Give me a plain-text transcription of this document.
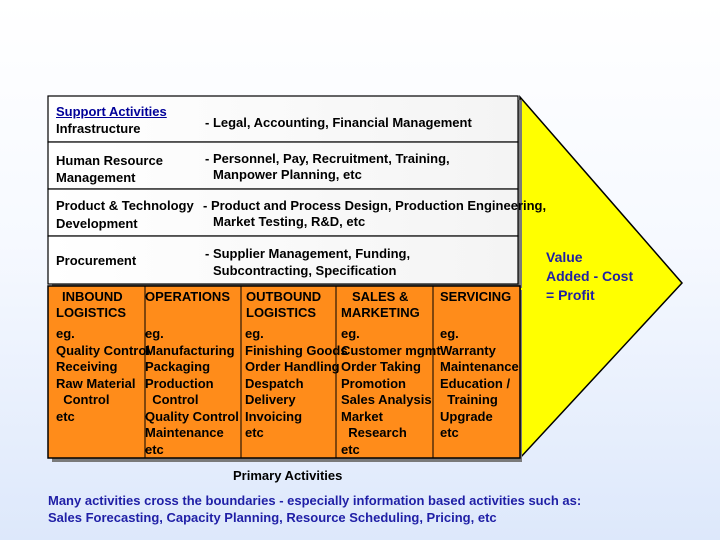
Support Activities
Infrastructure	- Legal, Accounting, Financial Management
Human Resource
Management
- Personnel, Pay, Recruitment, Training,
Manpower Planning, etc
Product & Technology
Development
- Product and Process Design, Production Engineering,
Market Testing, R&D, etc
Procurement	- Supplier Management, Funding,
Subcontracting, Specification
INBOUND
LOGISTICS
eg.
Quality Control
Receiving
Raw Material
Control
etc
OPERATIONS
eg.
Manufacturing
Packaging
Production
Control
Quality Control
Maintenance
etc
OUTBOUND
LOGISTICS
eg.
Finishing Goods
Order Handling
Despatch
Delivery
Invoicing
etc
SALES &
MARKETING
eg.
Customer mgmt
Order Taking
Promotion
Sales Analysis
Market
Research
etc
SERVICING
eg.
Warranty
Maintenance
Education /
Training
Upgrade
etc
Primary Activities
Value
Added - Cost
= Profit
Many activities cross the boundaries - especially information based activities such as:
Sales Forecasting, Capacity Planning, Resource Scheduling, Pricing, etc
